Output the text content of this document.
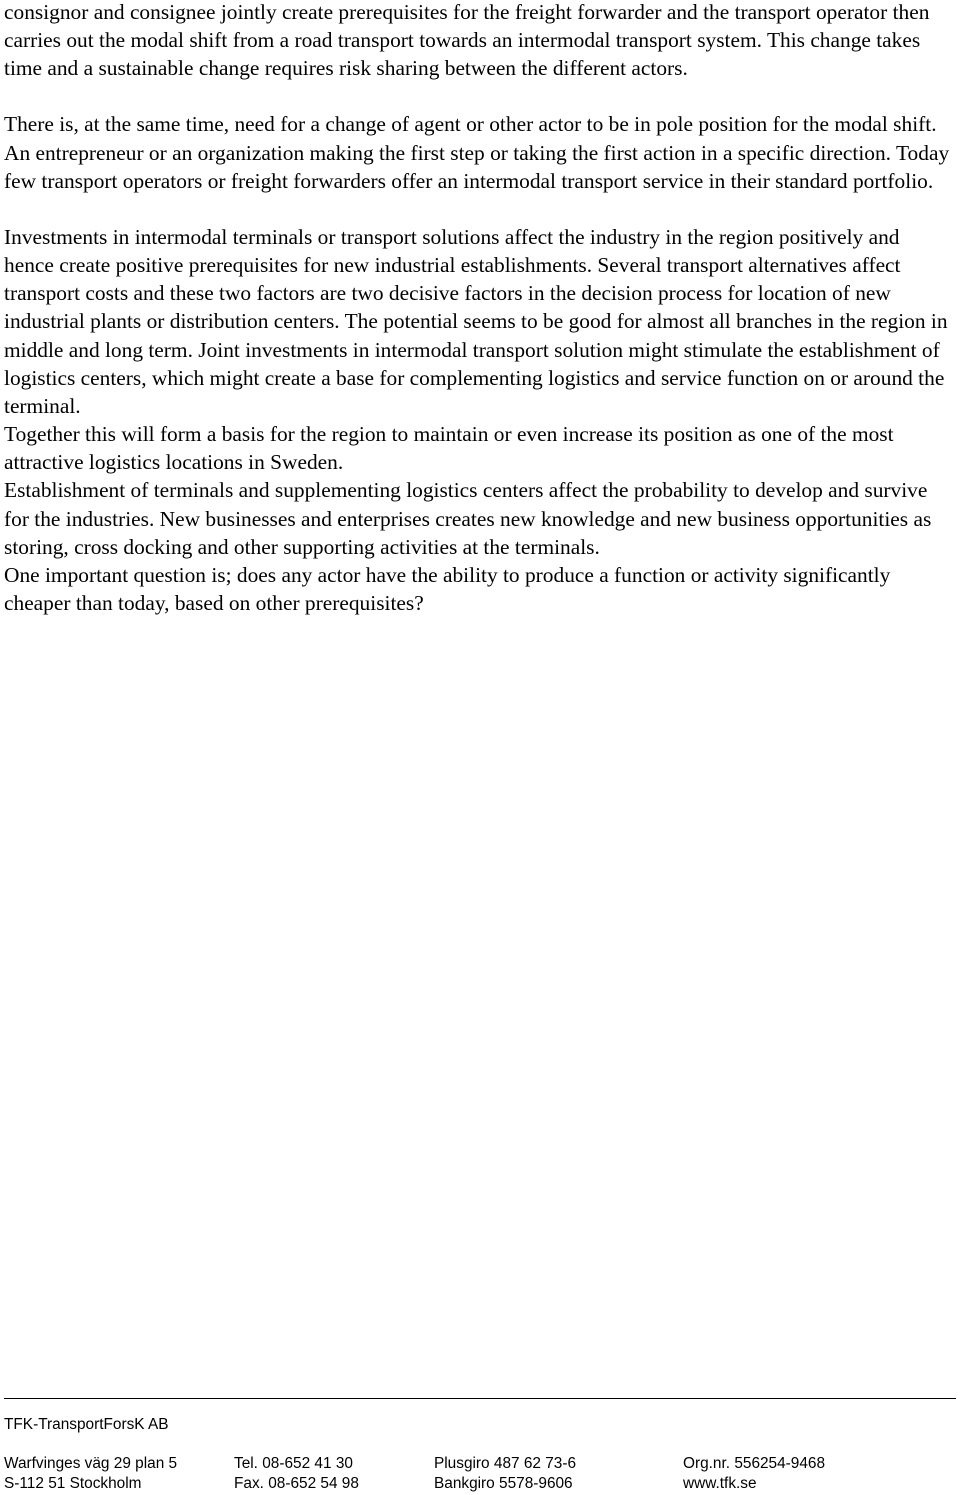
consignor and consignee jointly create prerequisites for the freight forwarder and the transport operator then carries out the modal shift from a road transport towards an intermodal transport system. This change takes time and a sustainable change requires risk sharing between the different actors.

There is, at the same time, need for a change of agent or other actor to be in pole position for the modal shift. An entrepreneur or an organization making the first step or taking the first action in a specific direction. Today few transport operators or freight forwarders offer an intermodal transport service in their standard portfolio.

Investments in intermodal terminals or transport solutions affect the industry in the region positively and hence create positive prerequisites for new industrial establishments. Several transport alternatives affect transport costs and these two factors are two decisive factors in the decision process for location of new industrial plants or distribution centers. The potential seems to be good for almost all branches in the region in middle and long term. Joint investments in intermodal transport solution might stimulate the establishment of logistics centers, which might create a base for complementing logistics and service function on or around the terminal.

Together this will form a basis for the region to maintain or even increase its position as one of the most attractive logistics locations in Sweden.

Establishment of terminals and supplementing logistics centers affect the probability to develop and survive for the industries. New businesses and enterprises creates new knowledge and new business opportunities as storing, cross docking and other supporting activities at the terminals.

One important question is; does any actor have the ability to produce a function or activity significantly cheaper than today, based on other prerequisites?

TFK-TransportForsK AB
Warfvinges väg 29 plan 5	Tel. 08-652 41 30	Plusgiro 487 62 73-6	Org.nr. 556254-9468
S-112 51 Stockholm	Fax. 08-652 54 98	Bankgiro 5578-9606	www.tfk.se
